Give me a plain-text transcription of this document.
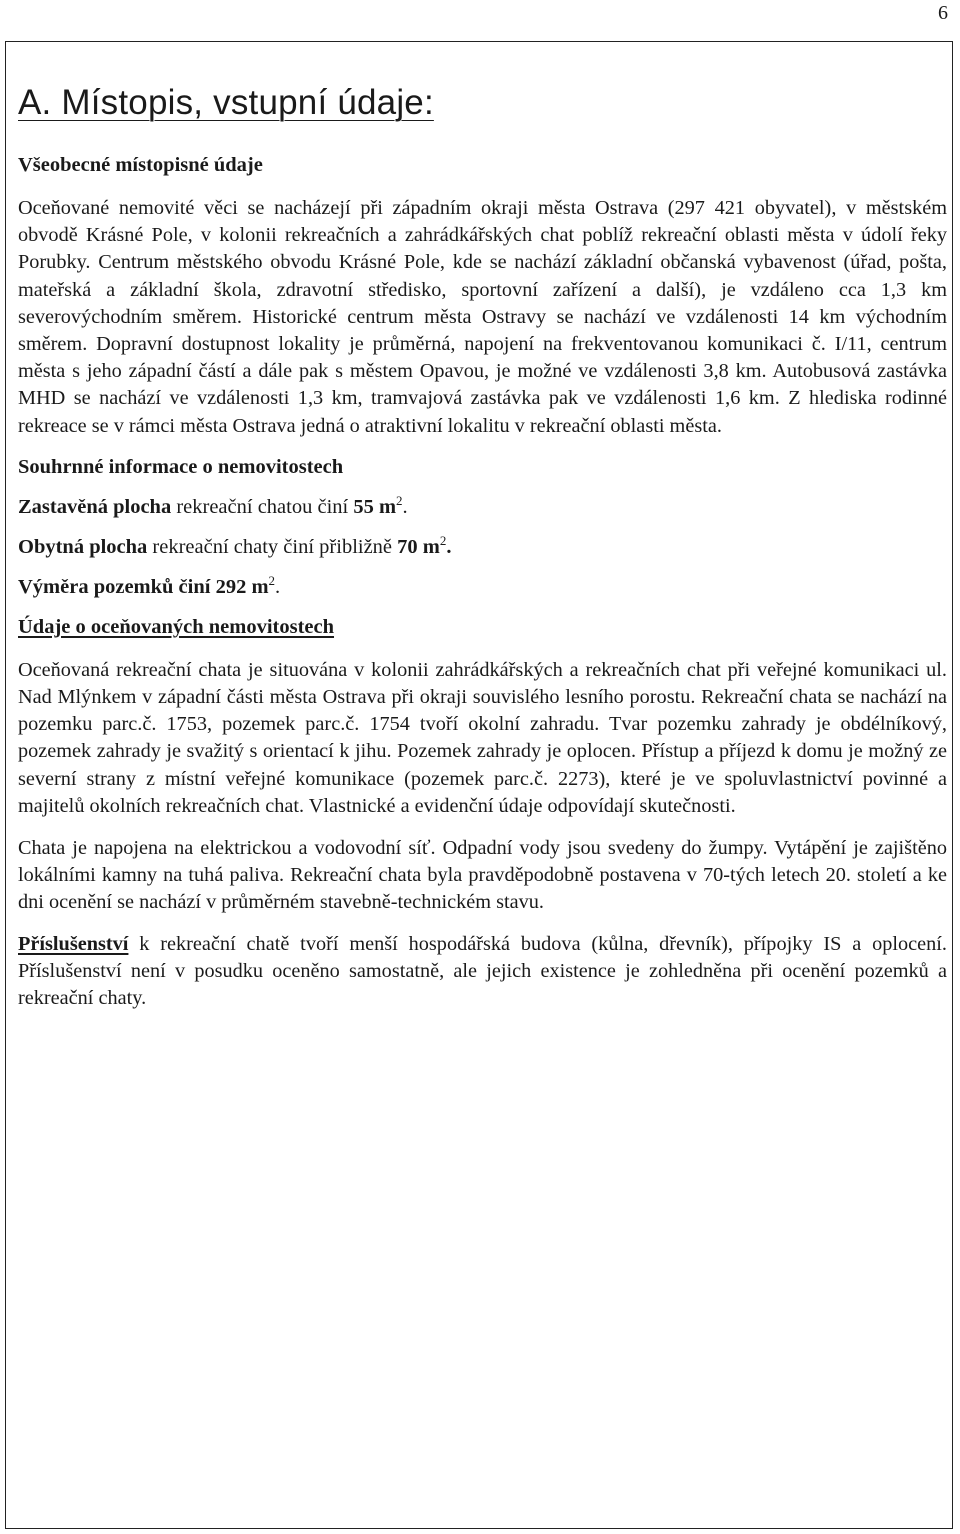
6
A. Místopis, vstupní údaje:
Všeobecné místopisné údaje

Oceňované nemovité věci se nacházejí při západním okraji města Ostrava (297 421 obyvatel), v městském obvodě Krásné Pole, v kolonii rekreačních a zahrádkářských chat poblíž rekreační oblasti města v údolí řeky Porubky. Centrum městského obvodu Krásné Pole, kde se nachází základní občanská vybavenost (úřad, pošta, mateřská a základní škola, zdravotní středisko, sportovní zařízení a další), je vzdáleno cca 1,3 km severovýchodním směrem. Historické centrum města Ostravy se nachází ve vzdálenosti 14 km východním směrem. Dopravní dostupnost lokality je průměrná, napojení na frekventovanou komunikaci č. I/11, centrum města s jeho západní částí a dále pak s městem Opavou, je možné ve vzdálenosti 3,8 km. Autobusová zastávka MHD se nachází ve vzdálenosti 1,3 km, tramvajová zastávka pak ve vzdálenosti 1,6 km. Z hlediska rodinné rekreace se v rámci města Ostrava jedná o atraktivní lokalitu v rekreační oblasti města.

Souhrnné informace o nemovitostech

Zastavěná plocha rekreační chatou činí 55 $m^2$.

Obytná plocha rekreační chaty činí přibližně 70 $m^2$.

Výměra pozemků činí 292 $m^2$.

Údaje o oceňovaných nemovitostech

Oceňovaná rekreační chata je situována v kolonii zahrádkářských a rekreačních chat při veřejné komunikaci ul. Nad Mlýnkem v západní části města Ostrava při okraji souvislého lesního porostu. Rekreační chata se nachází na pozemku parc.č. 1753, pozemek parc.č. 1754 tvoří okolní zahradu. Tvar pozemku zahrady je obdélníkový, pozemek zahrady je svažitý s orientací k jihu. Pozemek zahrady je oplocen. Přístup a příjezd k domu je možný ze severní strany z místní veřejné komunikace (pozemek parc.č. 2273), které je ve spoluvlastnictví povinné a majitelů okolních rekreačních chat. Vlastnické a evidenční údaje odpovídají skutečnosti.

Chata je napojena na elektrickou a vodovodní síť. Odpadní vody jsou svedeny do žumpy. Vytápění je zajištěno lokálními kamny na tuhá paliva. Rekreační chata byla pravděpodobně postavena v 70-tých letech 20. století a ke dni ocenění se nachází v průměrném stavebně-technickém stavu.

Příslušenství k rekreační chatě tvoří menší hospodářská budova (kůlna, dřevník), přípojky IS a oplocení. Příslušenství není v posudku oceněno samostatně, ale jejich existence je zohledněna při ocenění pozemků a rekreační chaty.
